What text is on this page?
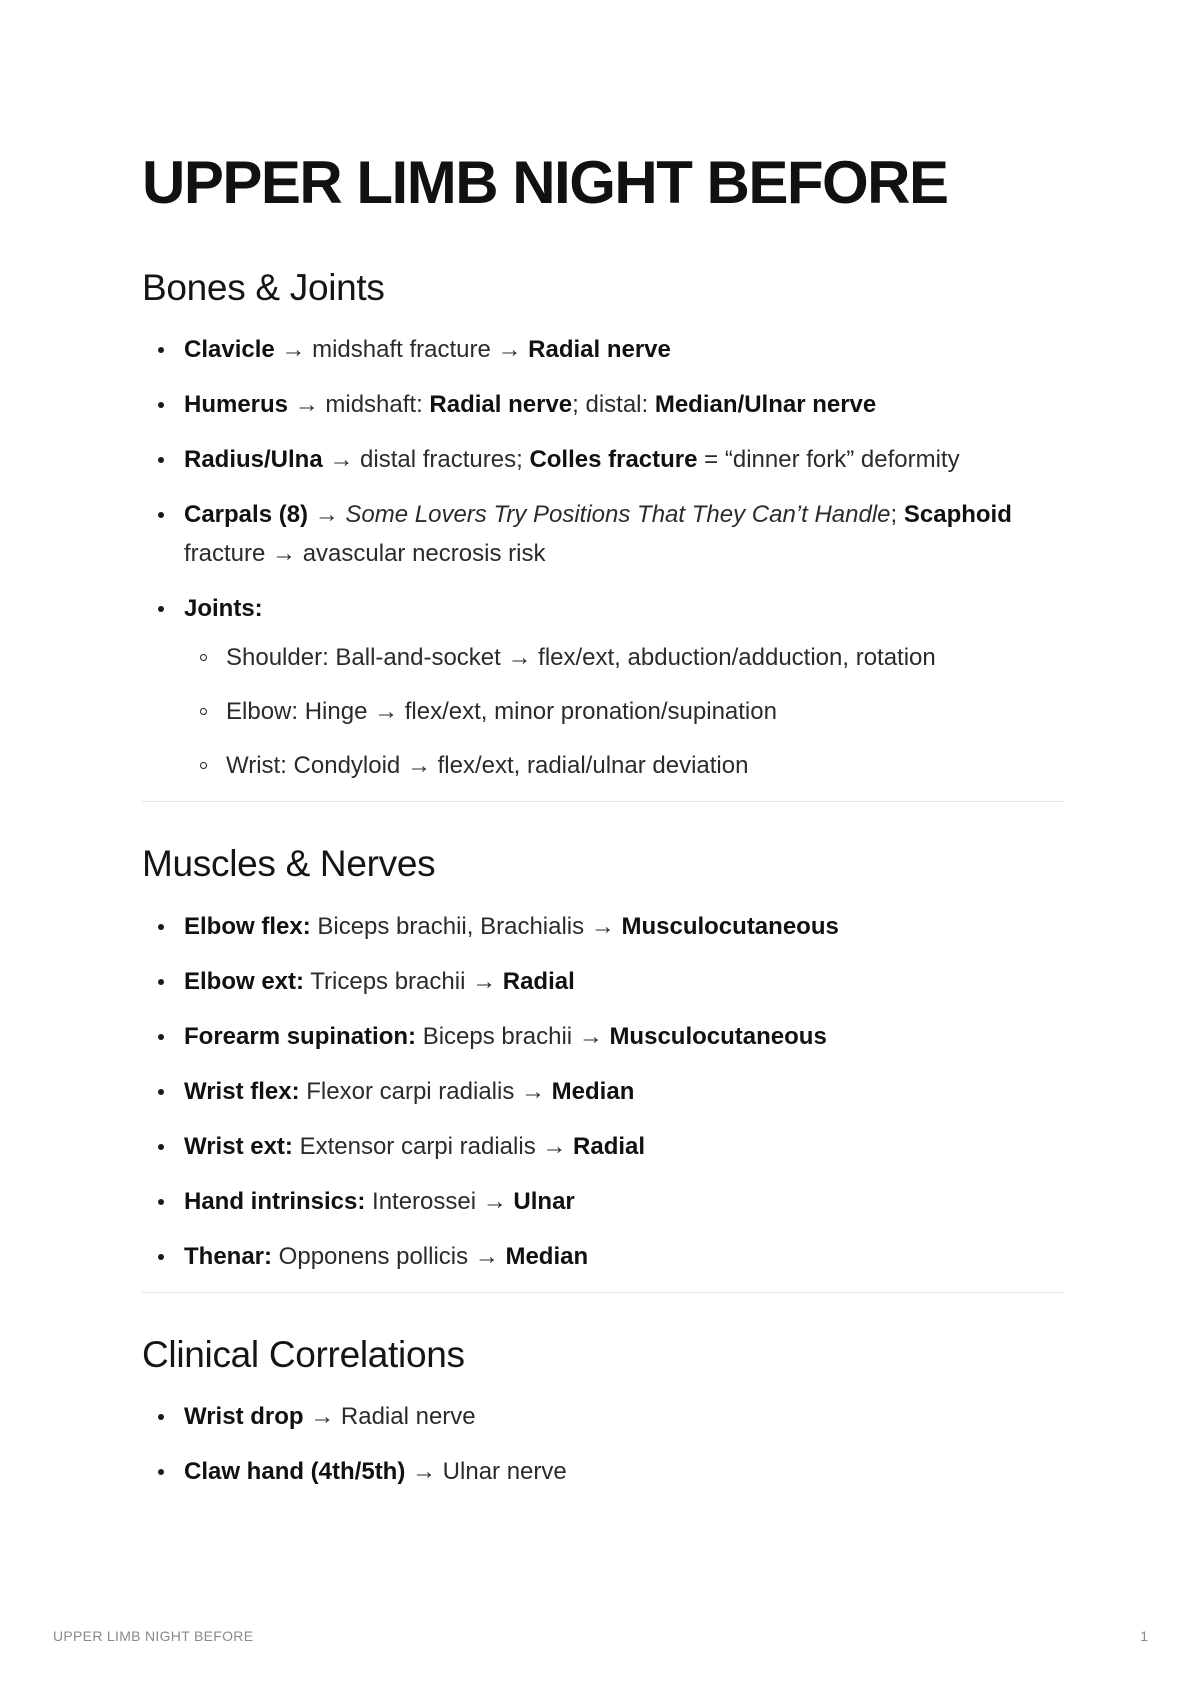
UPPER LIMB NIGHT BEFORE
Bones & Joints
Clavicle → midshaft fracture → Radial nerve
Humerus → midshaft: Radial nerve; distal: Median/Ulnar nerve
Radius/Ulna → distal fractures; Colles fracture = “dinner fork” deformity
Carpals (8) → Some Lovers Try Positions That They Can’t Handle; Scaphoid fracture → avascular necrosis risk
Joints:
Shoulder: Ball-and-socket → flex/ext, abduction/adduction, rotation
Elbow: Hinge → flex/ext, minor pronation/supination
Wrist: Condyloid → flex/ext, radial/ulnar deviation
Muscles & Nerves
Elbow flex: Biceps brachii, Brachialis → Musculocutaneous
Elbow ext: Triceps brachii → Radial
Forearm supination: Biceps brachii → Musculocutaneous
Wrist flex: Flexor carpi radialis → Median
Wrist ext: Extensor carpi radialis → Radial
Hand intrinsics: Interossei → Ulnar
Thenar: Opponens pollicis → Median
Clinical Correlations
Wrist drop → Radial nerve
Claw hand (4th/5th) → Ulnar nerve
UPPER LIMB NIGHT BEFORE	1
